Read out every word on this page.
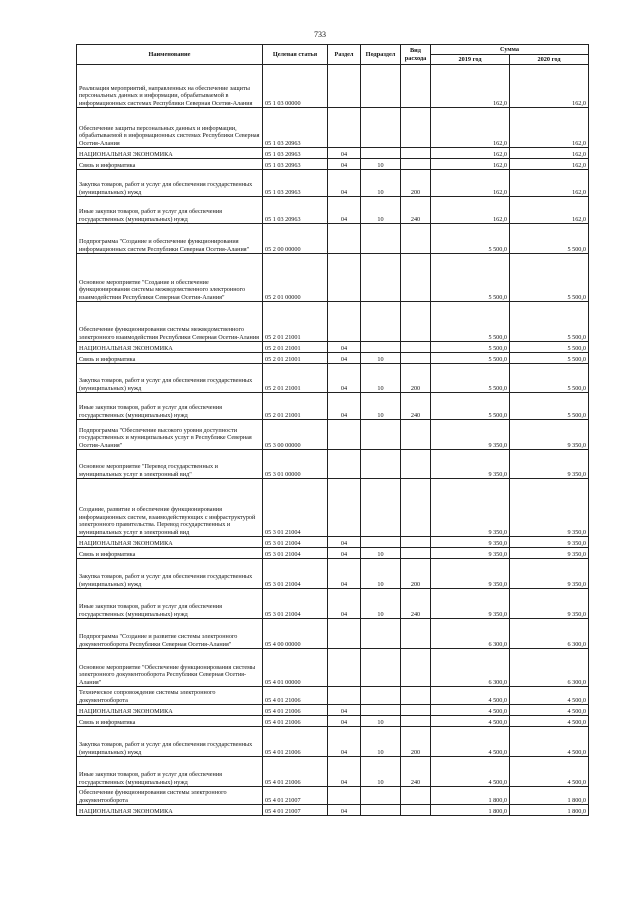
733
Наименование	Целевая статья	Раздел	Подраздел	Вид расхода	Сумма	
					2019 год	2020 год
Реализация мероприятий, направленных на обеспечение защиты персональных данных и информации, обрабатываемой в информационных системах Республики Северная Осетия-Алания	05 1 03 00000				162,0	162,0
Обеспечение защиты персональных данных и информации, обрабатываемой в информационных системах Республики Северная Осетия-Алания	05 1 03 20963				162,0	162,0
НАЦИОНАЛЬНАЯ ЭКОНОМИКА	05 1 03 20963	04			162,0	162,0
Связь и информатика	05 1 03 20963	04	10		162,0	162,0
Закупка товаров, работ и услуг для обеспечения государственных (муниципальных) нужд	05 1 03 20963	04	10	200	162,0	162,0
Иные закупки товаров, работ и услуг для обеспечения государственных (муниципальных) нужд	05 1 03 20963	04	10	240	162,0	162,0
Подпрограмма "Создание и обеспечение функционирования информационных систем Республики Северная Осетия-Алания"	05 2 00 00000				5 500,0	5 500,0
Основное мероприятие "Создание и обеспечение функционирования системы межведомственного электронного взаимодействия Республики Северная Осетия-Алания"	05 2 01 00000				5 500,0	5 500,0
Обеспечение функционирования системы межведомственного электронного взаимодействия Республики Северная Осетия-Алания	05 2 01 21001				5 500,0	5 500,0
НАЦИОНАЛЬНАЯ ЭКОНОМИКА	05 2 01 21001	04			5 500,0	5 500,0
Связь и информатика	05 2 01 21001	04	10		5 500,0	5 500,0
Закупка товаров, работ и услуг для обеспечения государственных (муниципальных) нужд	05 2 01 21001	04	10	200	5 500,0	5 500,0
Иные закупки товаров, работ и услуг для обеспечения государственных (муниципальных) нужд	05 2 01 21001	04	10	240	5 500,0	5 500,0
Подпрограмма "Обеспечение высокого уровня доступности государственных и муниципальных услуг в Республике Северная Осетия-Алания"	05 3 00 00000				9 350,0	9 350,0
Основное мероприятие "Перевод государственных и муниципальных услуг в электронный вид"	05 3 01 00000				9 350,0	9 350,0
Создание, развитие и обеспечение функционирования информационных систем, взаимодействующих с инфраструктурой электронного правительства. Перевод государственных и муниципальных услуг в электронный вид	05 3 01 21004				9 350,0	9 350,0
НАЦИОНАЛЬНАЯ ЭКОНОМИКА	05 3 01 21004	04			9 350,0	9 350,0
Связь и информатика	05 3 01 21004	04	10		9 350,0	9 350,0
Закупка товаров, работ и услуг для обеспечения государственных (муниципальных) нужд	05 3 01 21004	04	10	200	9 350,0	9 350,0
Иные закупки товаров, работ и услуг для обеспечения государственных (муниципальных) нужд	05 3 01 21004	04	10	240	9 350,0	9 350,0
Подпрограмма "Создание и развитие системы электронного документооборота Республики Северная Осетия-Алания"	05 4 00 00000				6 300,0	6 300,0
Основное мероприятие "Обеспечение функционирования системы электронного документооборота Республики Северная Осетия-Алания"	05 4 01 00000				6 300,0	6 300,0
Техническое сопровождение системы электронного документооборота	05 4 01 21006				4 500,0	4 500,0
НАЦИОНАЛЬНАЯ ЭКОНОМИКА	05 4 01 21006	04			4 500,0	4 500,0
Связь и информатика	05 4 01 21006	04	10		4 500,0	4 500,0
Закупка товаров, работ и услуг для обеспечения государственных (муниципальных) нужд	05 4 01 21006	04	10	200	4 500,0	4 500,0
Иные закупки товаров, работ и услуг для обеспечения государственных (муниципальных) нужд	05 4 01 21006	04	10	240	4 500,0	4 500,0
Обеспечение функционирования системы электронного документооборота	05 4 01 21007				1 800,0	1 800,0
НАЦИОНАЛЬНАЯ ЭКОНОМИКА	05 4 01 21007	04			1 800,0	1 800,0
